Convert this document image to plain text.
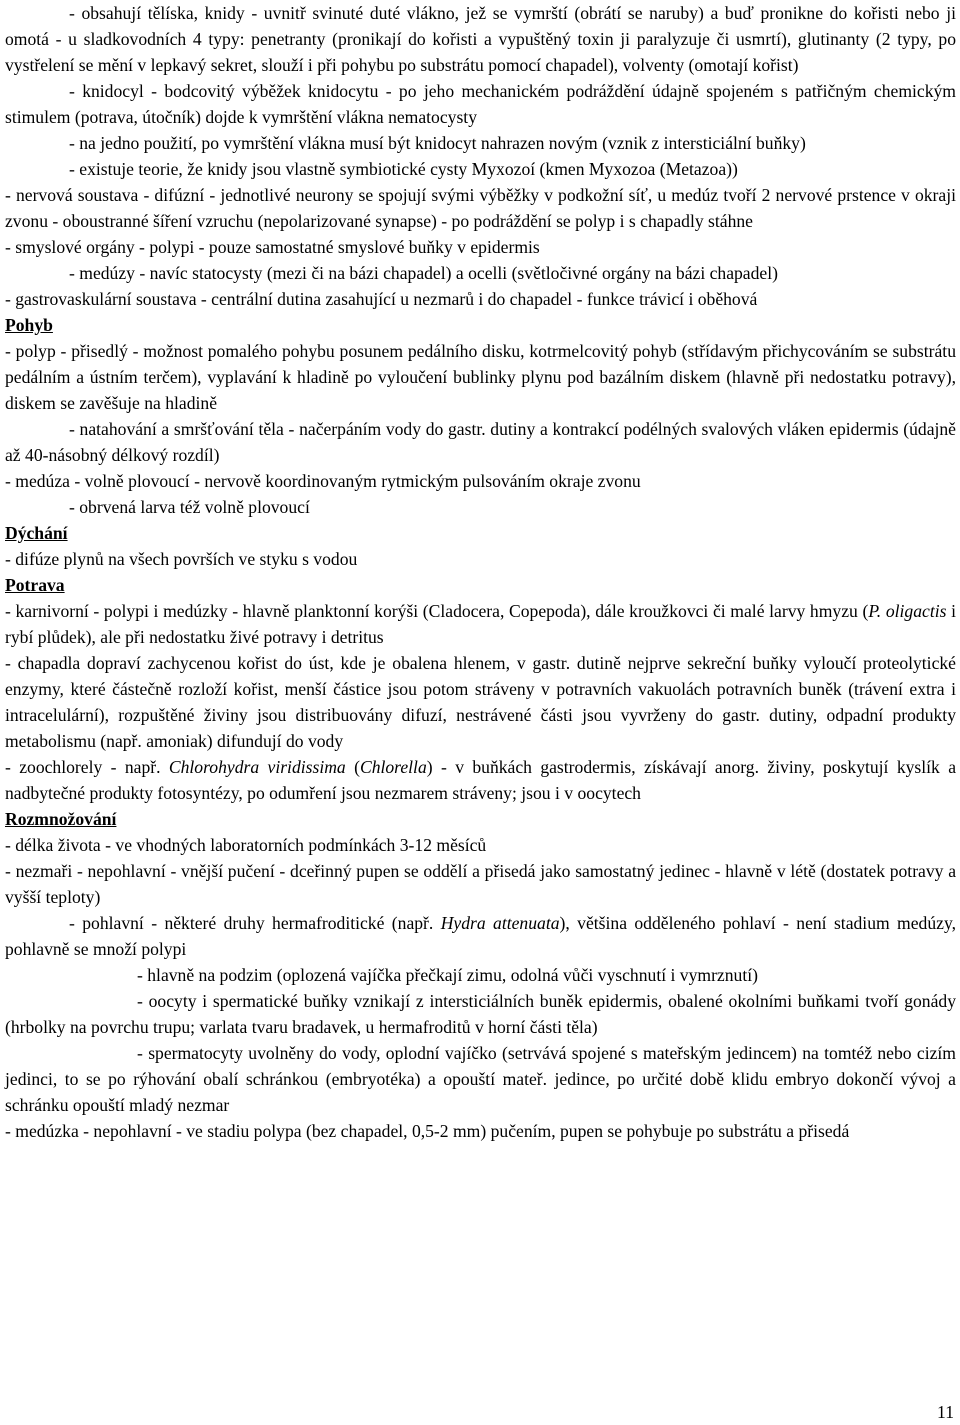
- obsahují tělíska, knidy - uvnitř svinuté duté vlákno, jež se vymrští (obrátí se naruby) a buď pronikne do kořisti nebo ji omotá - u sladkovodních 4 typy: penetranty (pronikají do kořisti a vypuštěný toxin ji paralyzuje či usmrtí), glutinanty (2 typy, po vystřelení se mění v lepkavý sekret, slouží i při pohybu po substrátu pomocí chapadel), volventy (omotají kořist)
- knidocyl - bodcovitý výběžek knidocytu - po jeho mechanickém podráždění údajně spojeném s patřičným chemickým stimulem (potrava, útočník) dojde k vymrštění vlákna nematocysty
- na jedno použití, po vymrštění vlákna musí být knidocyt nahrazen novým (vznik z intersticiální buňky)
- existuje teorie, že knidy jsou vlastně symbiotické cysty Myxozoí (kmen Myxozoa (Metazoa))
- nervová soustava - difúzní - jednotlivé neurony se spojují svými výběžky v podkožní síť, u medúz tvoří 2 nervové prstence v okraji zvonu - oboustranné šíření vzruchu (nepolarizované synapse) - po podráždění se polyp i s chapadly stáhne
- smyslové orgány - polypi - pouze samostatné smyslové buňky v epidermis
- medúzy - navíc statocysty (mezi či na bázi chapadel) a ocelli (světločivné orgány na bázi chapadel)
- gastrovaskulární soustava - centrální dutina zasahující u nezmarů i do chapadel - funkce trávicí i oběhová
Pohyb
- polyp - přisedlý - možnost pomalého pohybu posunem pedálního disku, kotrmelcovitý pohyb (střídavým přichycováním se substrátu pedálním a ústním terčem), vyplavání k hladině po vyloučení bublinky plynu pod bazálním diskem (hlavně při nedostatku potravy), diskem se zavěšuje na hladině
- natahování a smršťování těla - načerpáním vody do gastr. dutiny a kontrakcí podélných svalových vláken epidermis (údajně až 40-násobný délkový rozdíl)
- medúza - volně plovoucí - nervově koordinovaným rytmickým pulsováním okraje zvonu
- obrvená larva též volně plovoucí
Dýchání
- difúze plynů na všech površích ve styku s vodou
Potrava
- karnivorní - polypi i medúzky - hlavně planktonní korýši (Cladocera, Copepoda), dále kroužkovci či malé larvy hmyzu (P. oligactis i rybí plůdek), ale při nedostatku živé potravy i detritus
- chapadla dopraví zachycenou kořist do úst, kde je obalena hlenem, v gastr. dutině nejprve sekreční buňky vyloučí proteolytické enzymy, které částečně rozloží kořist, menší částice jsou potom stráveny v potravních vakuolách potravních buněk (trávení extra i intracelulární), rozpuštěné živiny jsou distribuovány difuzí, nestrávené části jsou vyvrženy do gastr. dutiny, odpadní produkty metabolismu (např. amoniak) difundují do vody
- zoochlorely - např. Chlorohydra viridissima (Chlorella) - v buňkách gastrodermis, získávají anorg. živiny, poskytují kyslík a nadbytečné produkty fotosyntézy, po odumření jsou nezmarem stráveny; jsou i v oocytech
Rozmnožování
- délka života - ve vhodných laboratorních podmínkách 3-12 měsíců
- nezmaři - nepohlavní - vnější pučení - dceřinný pupen se oddělí a přisedá jako samostatný jedinec - hlavně v létě (dostatek potravy a vyšší teploty)
- pohlavní - některé druhy hermafroditické (např. Hydra attenuata), většina odděleného pohlaví - není stadium medúzy, pohlavně se množí polypi
- hlavně na podzim (oplozená vajíčka přečkají zimu, odolná vůči vyschnutí i vymrznutí)
- oocyty i spermatické buňky vznikají z intersticiálních buněk epidermis, obalené okolními buňkami tvoří gonády (hrbolky na povrchu trupu; varlata tvaru bradavek, u hermafroditů v horní části těla)
- spermatocyty uvolněny do vody, oplodní vajíčko (setrvává spojené s mateřským jedincem) na tomtéž nebo cizím jedinci, to se po rýhování obalí schránkou (embryotéka) a opouští mateř. jedince, po určité době klidu embryo dokončí vývoj a schránku opouští mladý nezmar
- medúzka - nepohlavní - ve stadiu polypa (bez chapadel, 0,5-2 mm) pučením, pupen se pohybuje po substrátu a přisedá
11
